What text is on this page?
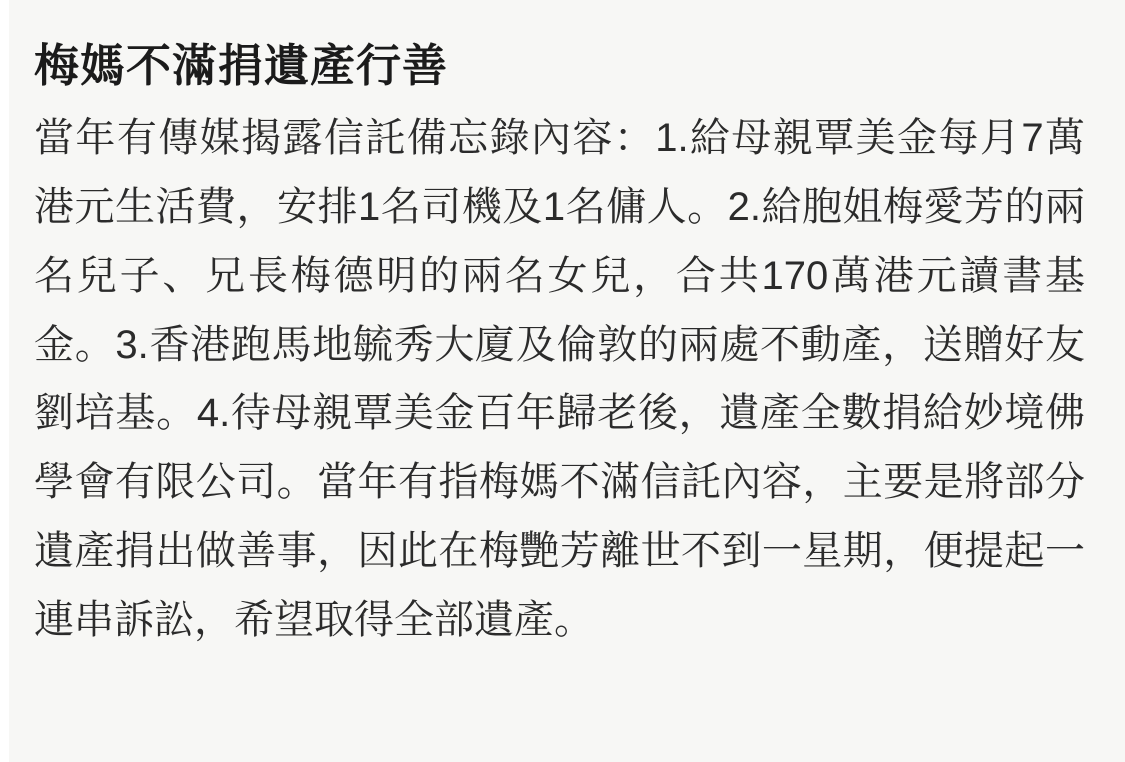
梅媽不滿捐遺產行善

當年有傳媒揭露信託備忘錄內容：1.給母親覃美金每月7萬港元生活費，安排1名司機及1名傭人。2.給胞姐梅愛芳的兩名兒子、兄長梅德明的兩名女兒，合共170萬港元讀書基金。3.香港跑馬地毓秀大廈及倫敦的兩處不動產，送贈好友劉培基。4.待母親覃美金百年歸老後，遺產全數捐給妙境佛學會有限公司。當年有指梅媽不滿信託內容，主要是將部分遺產捐出做善事，因此在梅艷芳離世不到一星期，便提起一連串訴訟，希望取得全部遺產。
